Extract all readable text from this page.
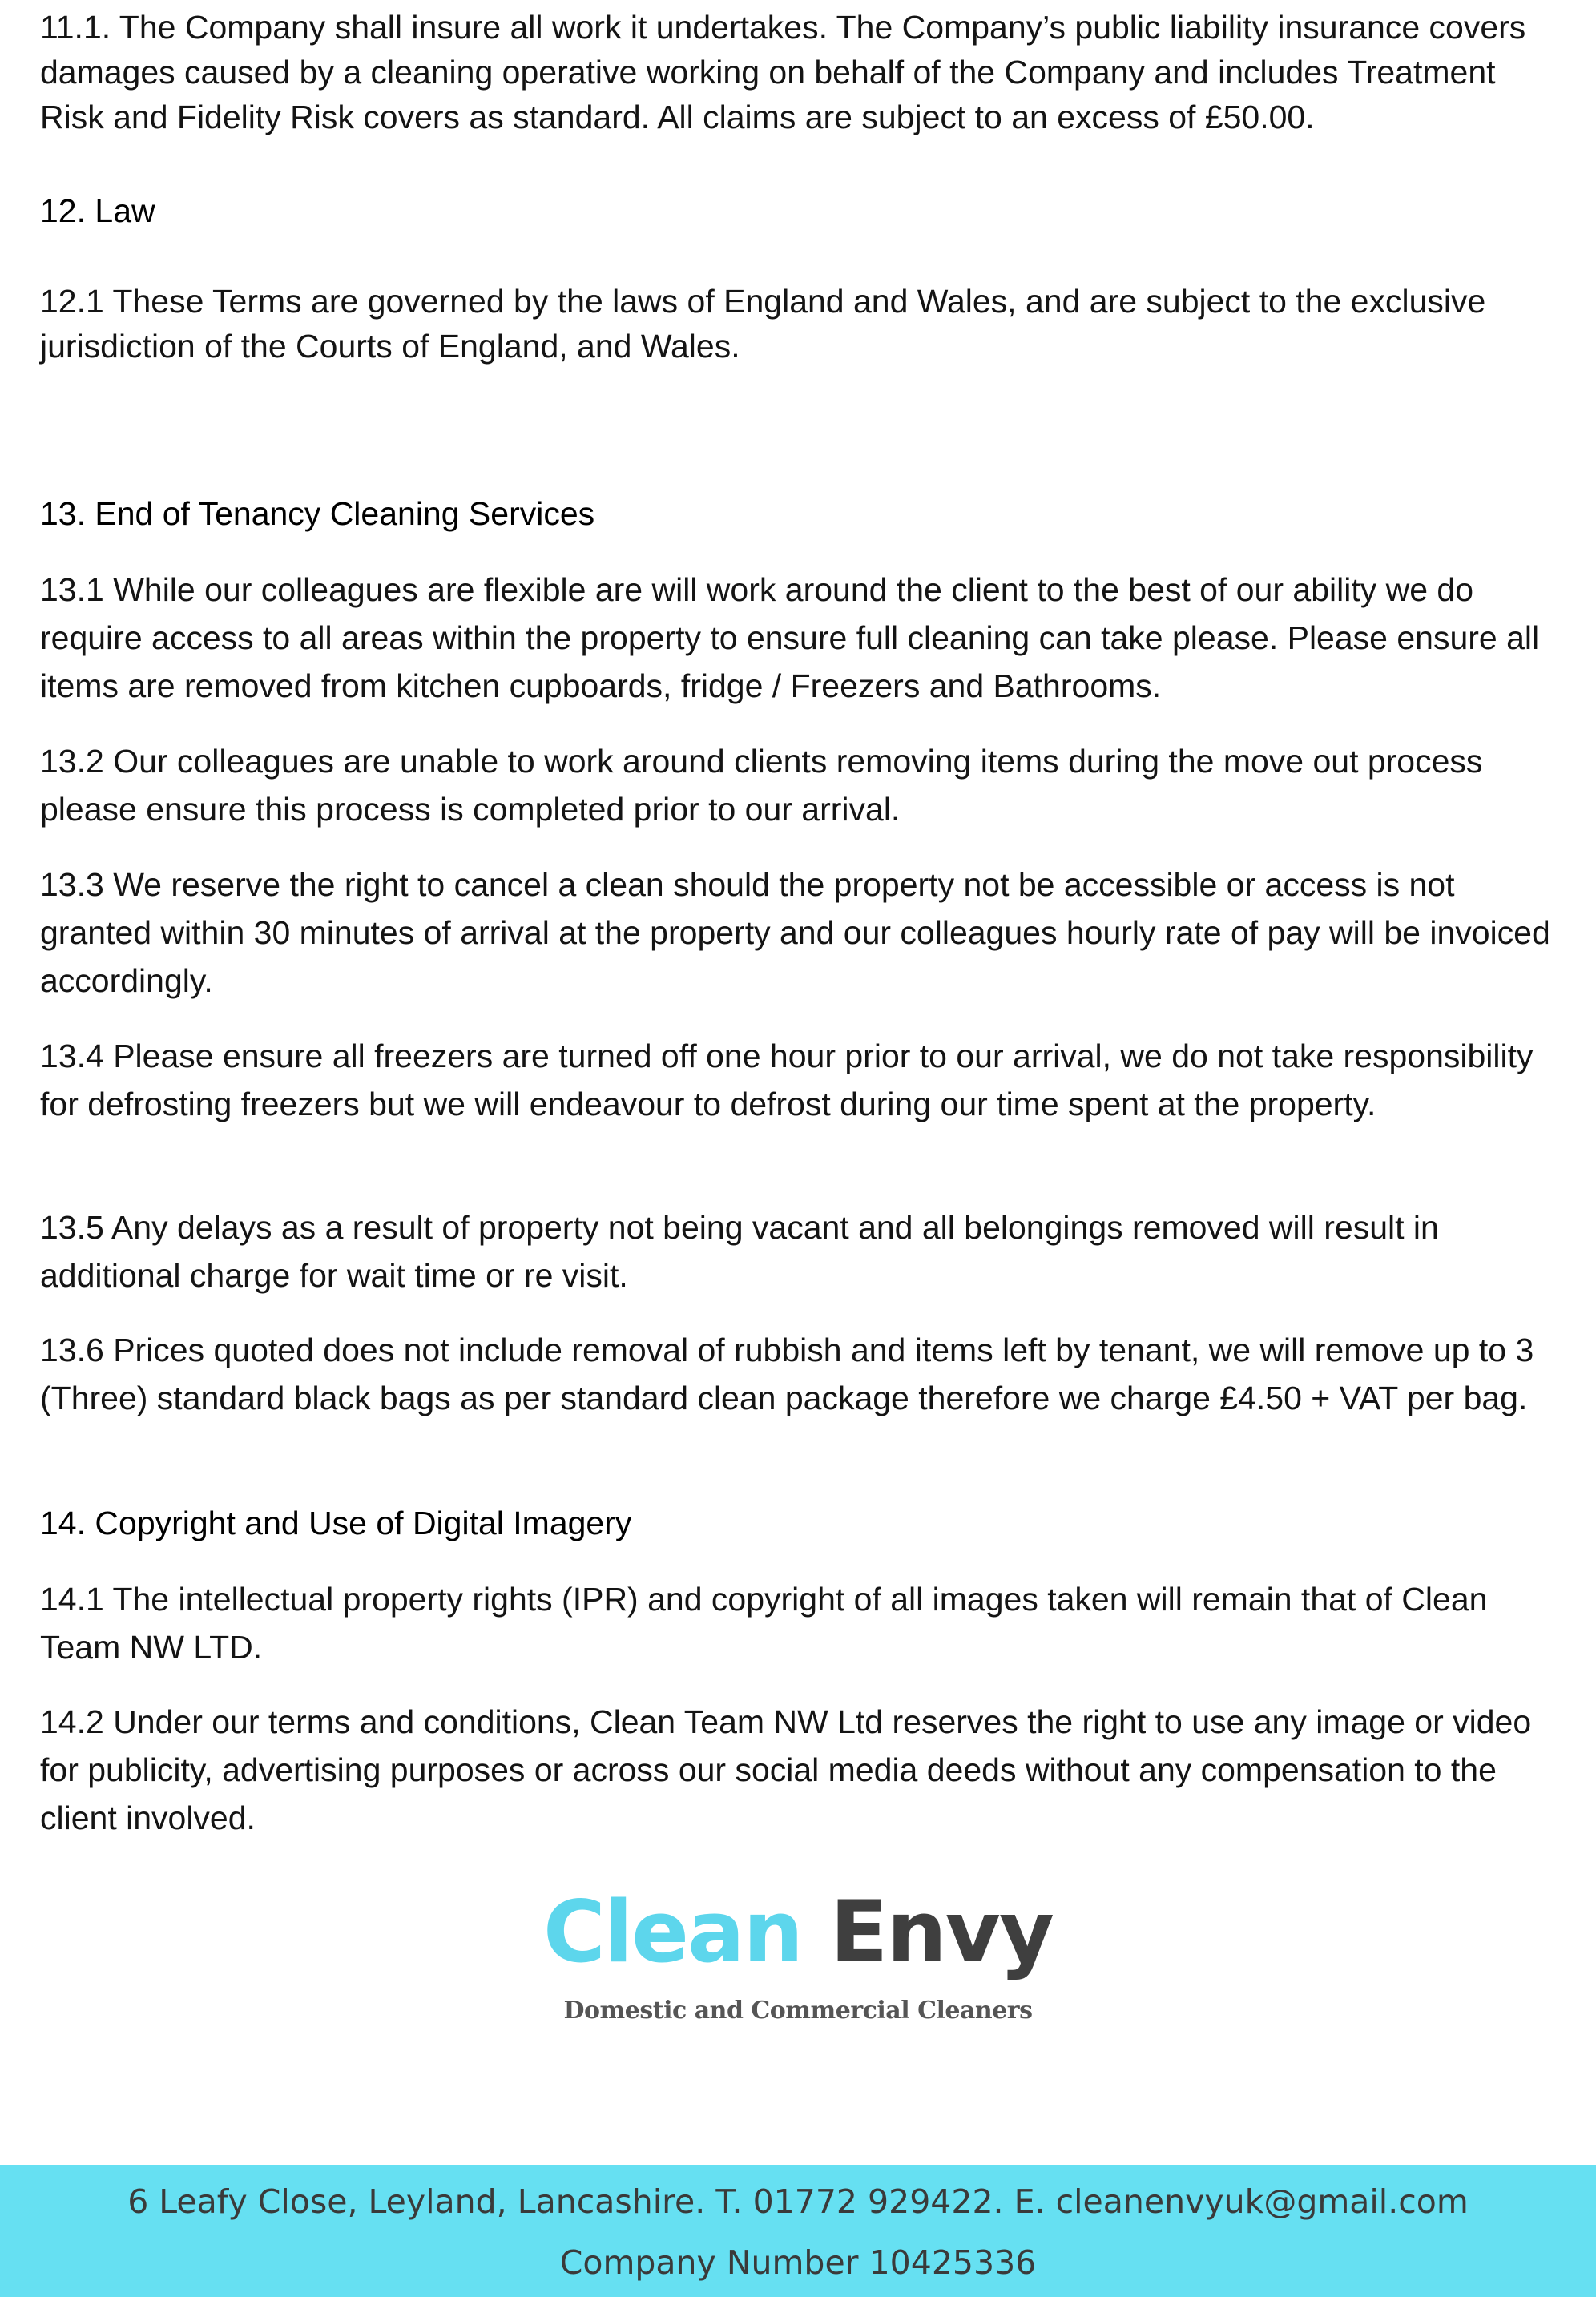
11.1. The Company shall insure all work it undertakes. The Company’s public liability insurance covers damages caused by a cleaning operative working on behalf of the Company and includes Treatment Risk and Fidelity Risk covers as standard. All claims are subject to an excess of £50.00.

12. Law

12.1 These Terms are governed by the laws of England and Wales, and are subject to the exclusive jurisdiction of the Courts of England, and Wales.

13. End of Tenancy Cleaning Services

13.1 While our colleagues are flexible are will work around the client to the best of our ability we do require access to all areas within the property to ensure full cleaning can take please. Please ensure all items are removed from kitchen cupboards, fridge / Freezers and Bathrooms.

13.2 Our colleagues are unable to work around clients removing items during the move out process please ensure this process is completed prior to our arrival.

13.3 We reserve the right to cancel a clean should the property not be accessible or access is not granted within 30 minutes of arrival at the property and our colleagues hourly rate of pay will be invoiced accordingly.

13.4 Please ensure all freezers are turned off one hour prior to our arrival, we do not take responsibility for defrosting freezers but we will endeavour to defrost during our time spent at the property.

13.5 Any delays as a result of property not being vacant and all belongings removed will result in additional charge for wait time or re visit.

13.6 Prices quoted does not include removal of rubbish and items left by tenant, we will remove up to 3 (Three) standard black bags as per standard clean package therefore we charge £4.50 + VAT per bag.

14. Copyright and Use of Digital Imagery

14.1 The intellectual property rights (IPR) and copyright of all images taken will remain that of Clean Team NW LTD.

14.2 Under our terms and conditions, Clean Team NW Ltd reserves the right to use any image or video for publicity, advertising purposes or across our social media deeds without any compensation to the client involved.

Clean Envy
Domestic and Commercial Cleaners
6 Leafy Close, Leyland, Lancashire. T. 01772 929422. E. cleanenvyuk@gmail.com
Company Number 10425336
